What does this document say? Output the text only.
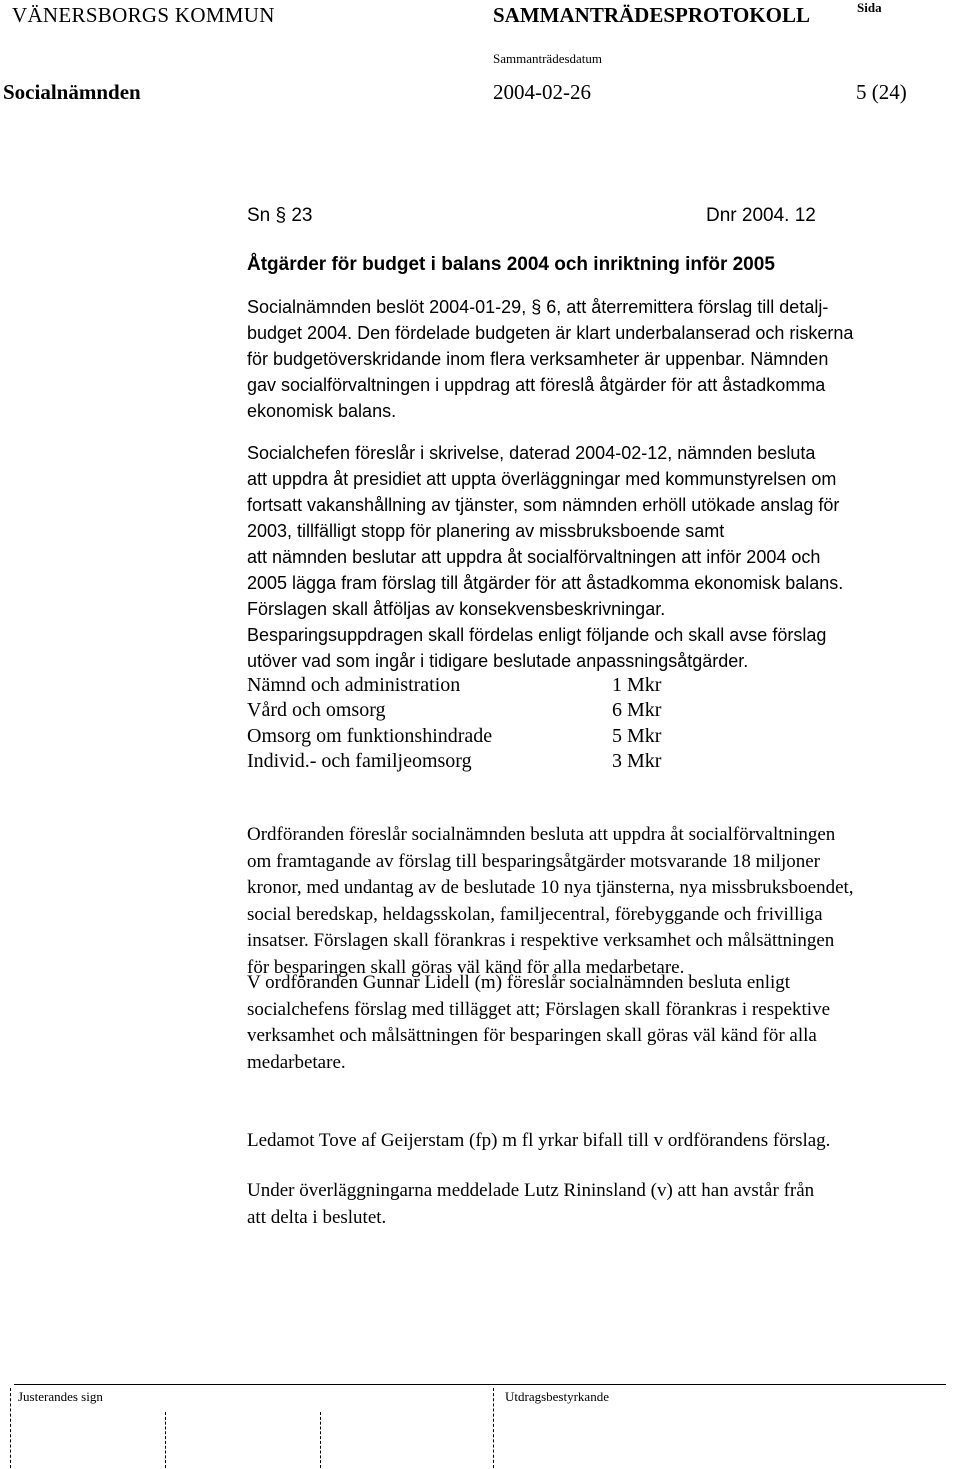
VÄNERSBORGS KOMMUN	SAMMANTRÄDESPROTOKOLL	Sida
Sammanträdesdatum
Socialnämnden	2004-02-26	5 (24)
Sn § 23	Dnr 2004. 12
Åtgärder för budget i balans 2004 och inriktning inför 2005
Socialnämnden beslöt 2004-01-29, § 6, att återremittera förslag till detalj-
budget 2004. Den fördelade budgeten är klart underbalanserad och riskerna
för budgetöverskridande inom flera verksamheter är uppenbar. Nämnden
gav socialförvaltningen i uppdrag att föreslå åtgärder för att åstadkomma
ekonomisk balans.
Socialchefen föreslår i skrivelse, daterad 2004-02-12, nämnden besluta
att uppdra åt presidiet att uppta överläggningar med kommunstyrelsen om
fortsatt vakanshållning av tjänster, som nämnden erhöll utökade anslag för
2003, tillfälligt stopp för planering av missbruksboende samt
att nämnden beslutar att uppdra åt socialförvaltningen att inför 2004 och
2005 lägga fram förslag till åtgärder för att åstadkomma ekonomisk balans.
Förslagen skall åtföljas av konsekvensbeskrivningar.
Besparingsuppdragen skall fördelas enligt följande och skall avse förslag
utöver vad som ingår i tidigare beslutade anpassningsåtgärder.
Nämnd och administration	1 Mkr
Vård och omsorg	6 Mkr
Omsorg om funktionshindrade	5 Mkr
Individ.- och familjeomsorg	3 Mkr
Ordföranden föreslår socialnämnden besluta att uppdra åt socialförvaltningen
om framtagande av förslag till besparingsåtgärder motsvarande 18 miljoner
kronor, med undantag av de beslutade 10 nya tjänsterna, nya missbruksboendet,
social beredskap, heldagsskolan, familjecentral, förebyggande och frivilliga
insatser. Förslagen skall förankras i respektive verksamhet och målsättningen
för besparingen skall göras väl känd för alla medarbetare.
V ordföranden Gunnar Lidell (m) föreslår socialnämnden besluta enligt
socialchefens förslag med tillägget att; Förslagen skall förankras i respektive
verksamhet och målsättningen för besparingen skall göras väl känd för alla
medarbetare.
Ledamot Tove af Geijerstam (fp) m fl yrkar bifall till v ordförandens förslag.
Under överläggningarna meddelade Lutz Rininsland (v) att han avstår från
att delta i beslutet.
Justerandes sign	Utdragsbestyrkande
